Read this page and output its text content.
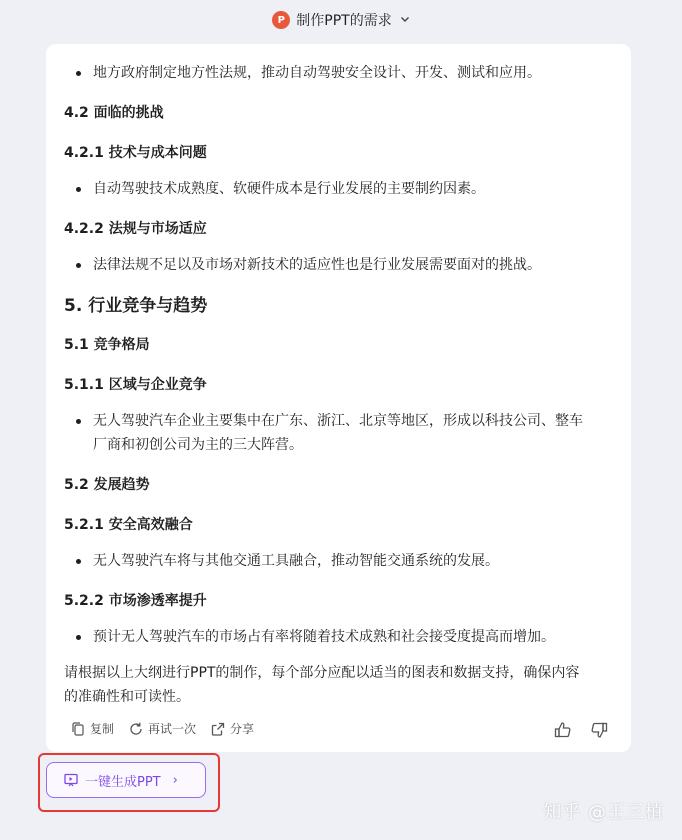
P 制作PPT的需求
地方政府制定地方性法规，推动自动驾驶安全设计、开发、测试和应用。
4.2 面临的挑战
4.2.1 技术与成本问题
自动驾驶技术成熟度、软硬件成本是行业发展的主要制约因素。
4.2.2 法规与市场适应
法律法规不足以及市场对新技术的适应性也是行业发展需要面对的挑战。
5. 行业竞争与趋势
5.1 竞争格局
5.1.1 区域与企业竞争
无人驾驶汽车企业主要集中在广东、浙江、北京等地区，形成以科技公司、整车
厂商和初创公司为主的三大阵营。
5.2 发展趋势
5.2.1 安全高效融合
无人驾驶汽车将与其他交通工具融合，推动智能交通系统的发展。
5.2.2 市场渗透率提升
预计无人驾驶汽车的市场占有率将随着技术成熟和社会接受度提高而增加。
请根据以上大纲进行PPT的制作，每个部分应配以适当的图表和数据支持，确保内容
的准确性和可读性。
复制	再试一次	分享
一键生成PPT ›
知乎 @王三植
